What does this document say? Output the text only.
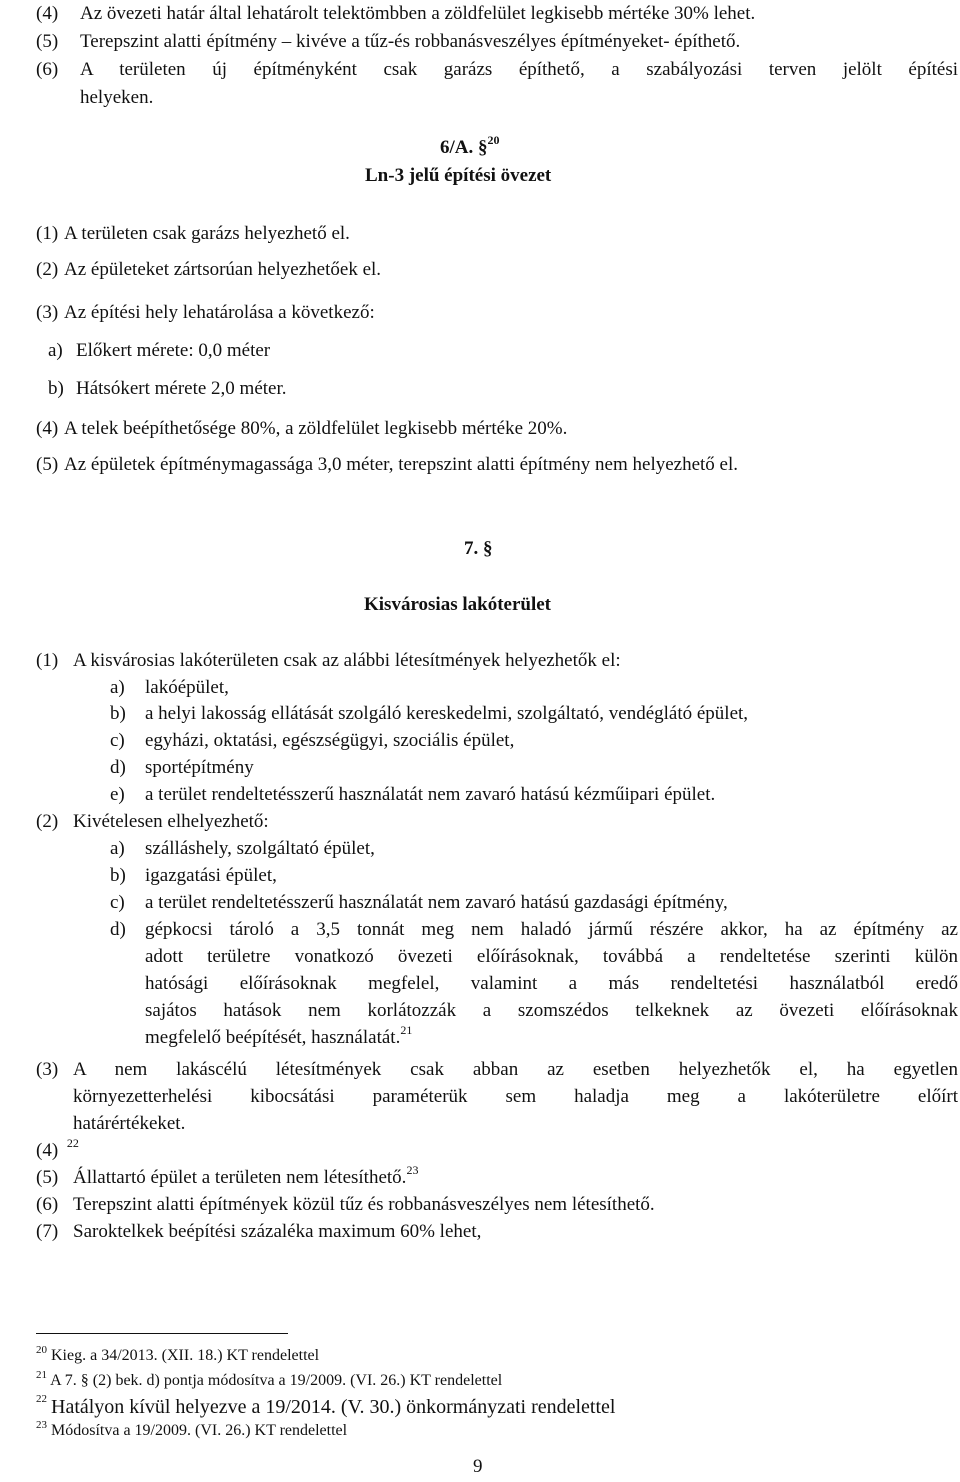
(4) Az övezeti határ által lehatárolt telektömbben a zöldfelület legkisebb mértéke 30% lehet.
(5) Terepszint alatti építmény – kivéve a tűz-és robbanásveszélyes építményeket- építhető.
(6) A területen új építményként csak garázs építhető, a szabályozási terven jelölt építési
helyeken.
6/A. §$^{20}$
Ln-3 jelű építési övezet
(1) A területen csak garázs helyezhető el.
(2) Az épületeket zártsorúan helyezhetőek el.
(3) Az építési hely lehatárolása a következő:
a) Előkert mérete: 0,0 méter
b) Hátsókert mérete 2,0 méter.
(4) A telek beépíthetősége 80%, a zöldfelület legkisebb mértéke 20%.
(5) Az épületek építménymagassága 3,0 méter, terepszint alatti építmény nem helyezhető el.
7. §
Kisvárosias lakóterület
(1) A kisvárosias lakóterületen csak az alábbi létesítmények helyezhetők el:
a) lakóépület,
b) a helyi lakosság ellátását szolgáló kereskedelmi, szolgáltató, vendéglátó épület,
c) egyházi, oktatási, egészségügyi, szociális épület,
d) sportépítmény
e) a terület rendeltetésszerű használatát nem zavaró hatású kézműipari épület.
(2) Kivételesen elhelyezhető:
a) szálláshely, szolgáltató épület,
b) igazgatási épület,
c) a terület rendeltetésszerű használatát nem zavaró hatású gazdasági építmény,
d) gépkocsi tároló a 3,5 tonnát meg nem haladó jármű részére akkor, ha az építmény az
adott területre vonatkozó övezeti előírásoknak, továbbá a rendeltetése szerinti külön
hatósági előírásoknak megfelel, valamint a más rendeltetési használatból eredő
sajátos hatások nem korlátozzák a szomszédos telkeknek az övezeti előírásoknak
megfelelő beépítését, használatát.$^{21}$
(3) A nem lakáscélú létesítmények csak abban az esetben helyezhetők el, ha egyetlen
környezetterhelési kibocsátási paraméterük sem haladja meg a lakóterületre előírt
határértékeket.
(4) $^{22}$
(5) Állattartó épület a területen nem létesíthető.$^{23}$
(6) Terepszint alatti építmények közül tűz és robbanásveszélyes nem létesíthető.
(7) Saroktelkek beépítési százaléka maximum 60% lehet,
$^{20}$ Kieg. a 34/2013. (XII. 18.) KT rendelettel
$^{21}$ A 7. § (2) bek. d) pontja módosítva a 19/2009. (VI. 26.) KT rendelettel
$^{22}$ Hatályon kívül helyezve a 19/2014. (V. 30.) önkormányzati rendelettel
$^{23}$ Módosítva a 19/2009. (VI. 26.) KT rendelettel
9
